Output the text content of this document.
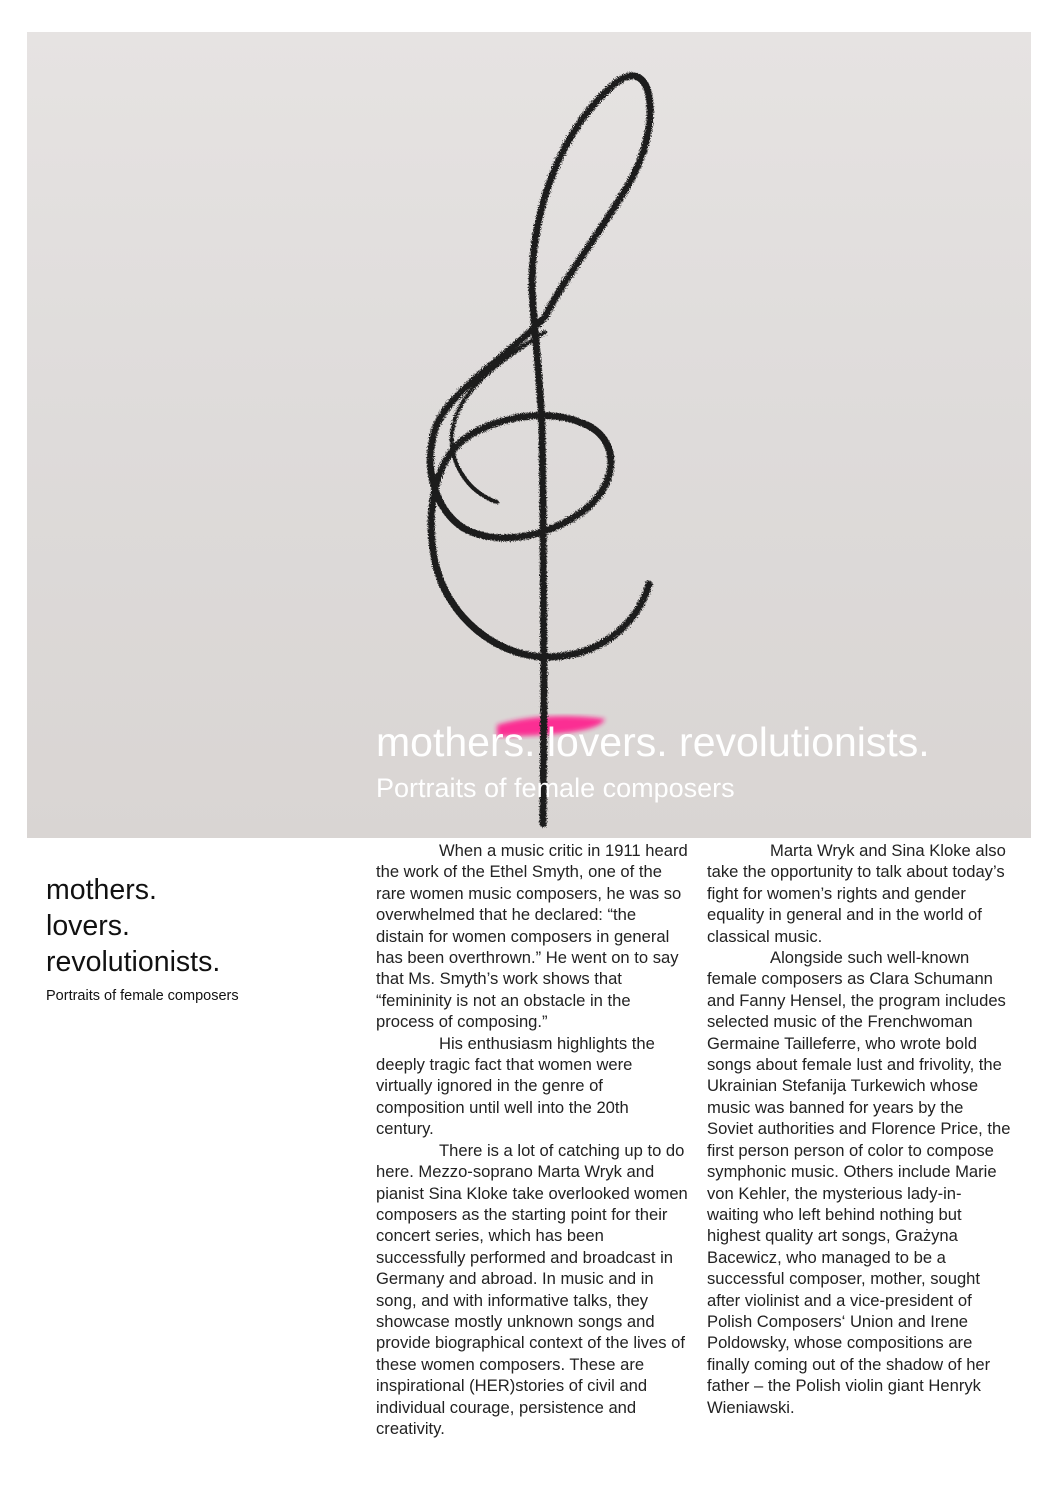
mothers. lovers. revolutionists.
Portraits of female composers
mothers.
lovers.
revolutionists.
Portraits of female composers

When a music critic in 1911 heard the work of the Ethel Smyth, one of the rare women music composers, he was so overwhelmed that he declared: “the distain for women composers in general has been overthrown.” He went on to say that Ms. Smyth’s work shows that “femininity is not an obstacle in the process of composing.”

His enthusiasm highlights the deeply tragic fact that women were virtually ignored in the genre of composition until well into the 20th century.

There is a lot of catching up to do here. Mezzo-soprano Marta Wryk and pianist Sina Kloke take overlooked women composers as the starting point for their concert series, which has been successfully performed and broadcast in Germany and abroad. In music and in song, and with informative talks, they showcase mostly unknown songs and provide biographical context of the lives of these women composers. These are inspirational (HER)stories of civil and individual courage, persistence and creativity.

Marta Wryk and Sina Kloke also take the opportunity to talk about today’s fight for women’s rights and gender equality in general and in the world of classical music.

Alongside such well-known female composers as Clara Schumann and Fanny Hensel, the program includes selected music of the Frenchwoman Germaine Tailleferre, who wrote bold songs about female lust and frivolity, the Ukrainian Stefanija Turkewich whose music was banned for years by the Soviet authorities and Florence Price, the first person person of color to compose symphonic music. Others include Marie von Kehler, the mysterious lady-in-waiting who left behind nothing but highest quality art songs, Grażyna Bacewicz, who managed to be a successful composer, mother, sought after violinist and a vice-president of Polish Composers‘ Union and Irene Poldowsky, whose compositions are finally coming out of the shadow of her father – the Polish violin giant Henryk Wieniawski.
